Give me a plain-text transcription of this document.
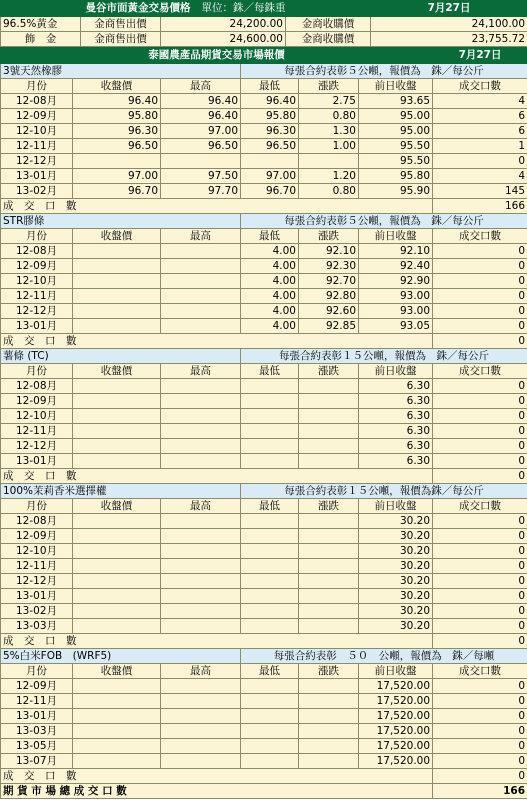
曼谷市面黃金交易價格 單位：銖／每銖重				7月27日
96.5%黃金	金商售出價	24,200.00	金商收購價	24,100.00
飾　金	金商售出價	24,600.00	金商收購價	23,755.72
泰國農產品期貨交易市場報價						7月27日
3號天然橡膠			每張合約表彰５公噸，報價為　銖／每公斤			
月份	收盤價	最高	最低	漲跌	前日收盤	成交口數
12-08月	96.40	96.40	96.40	2.75	93.65	4
12-09月	95.80	96.40	95.80	0.80	95.00	6
12-10月	96.30	97.00	96.30	1.30	95.00	6
12-11月	96.50	96.50	96.50	1.00	95.50	1
12-12月					95.50	0
13-01月	97.00	97.50	97.00	1.20	95.80	4
13-02月	96.70	97.70	96.70	0.80	95.90	145
成　交　口　數						166
STR膠條			每張合約表彰５公噸，報價為　銖／每公斤			
月份	收盤價	最高	最低	漲跌	前日收盤	成交口數
12-08月			4.00	92.10	92.10	0
12-09月			4.00	92.30	92.40	0
12-10月			4.00	92.70	92.90	0
12-11月			4.00	92.80	93.00	0
12-12月			4.00	92.60	93.00	0
13-01月			4.00	92.85	93.05	0
成　交　口　數						0
薯條 (TC)			每張合約表彰１５公噸，報價為　銖／每公斤			
月份	收盤價	最高	最低	漲跌	前日收盤	成交口數
12-08月					6.30	0
12-09月					6.30	0
12-10月					6.30	0
12-11月					6.30	0
12-12月					6.30	0
13-01月					6.30	0
成　交　口　數						0
100%茉莉香米選擇權			每張合約表彰１５公噸，報價為銖／每公斤			
月份	收盤價	最高	最低	漲跌	前日收盤	成交口數
12-08月					30.20	0
12-09月					30.20	0
12-10月					30.20	0
12-11月					30.20	0
12-12月					30.20	0
13-01月					30.20	0
13-02月					30.20	0
13-03月					30.20	0
成　交　口　數						0
5%白米FOB　(WRF5)			每張合約表彰　５０　公噸，報價為　銖／每噸			
月份	收盤價	最高	最低	漲跌	前日收盤	成交口數
12-09月					17,520.00	0
12-11月					17,520.00	0
13-01月					17,520.00	0
13-03月					17,520.00	0
13-05月					17,520.00	0
13-07月					17,520.00	0
成　交　口　數						0
期 貨 市 場 總 成 交 口 數						166
